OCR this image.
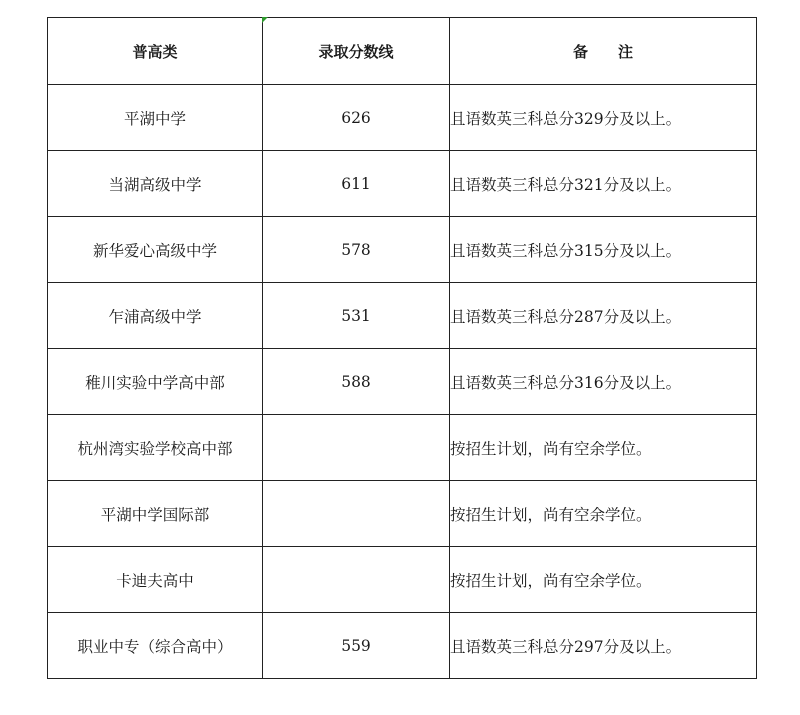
普高类	录取分数线	备　　注
平湖中学	626	且语数英三科总分329分及以上。
当湖高级中学	611	且语数英三科总分321分及以上。
新华爱心高级中学	578	且语数英三科总分315分及以上。
乍浦高级中学	531	且语数英三科总分287分及以上。
稚川实验中学高中部	588	且语数英三科总分316分及以上。
杭州湾实验学校高中部		按招生计划，尚有空余学位。
平湖中学国际部		按招生计划，尚有空余学位。
卡迪夫高中		按招生计划，尚有空余学位。
职业中专（综合高中）	559	且语数英三科总分297分及以上。
